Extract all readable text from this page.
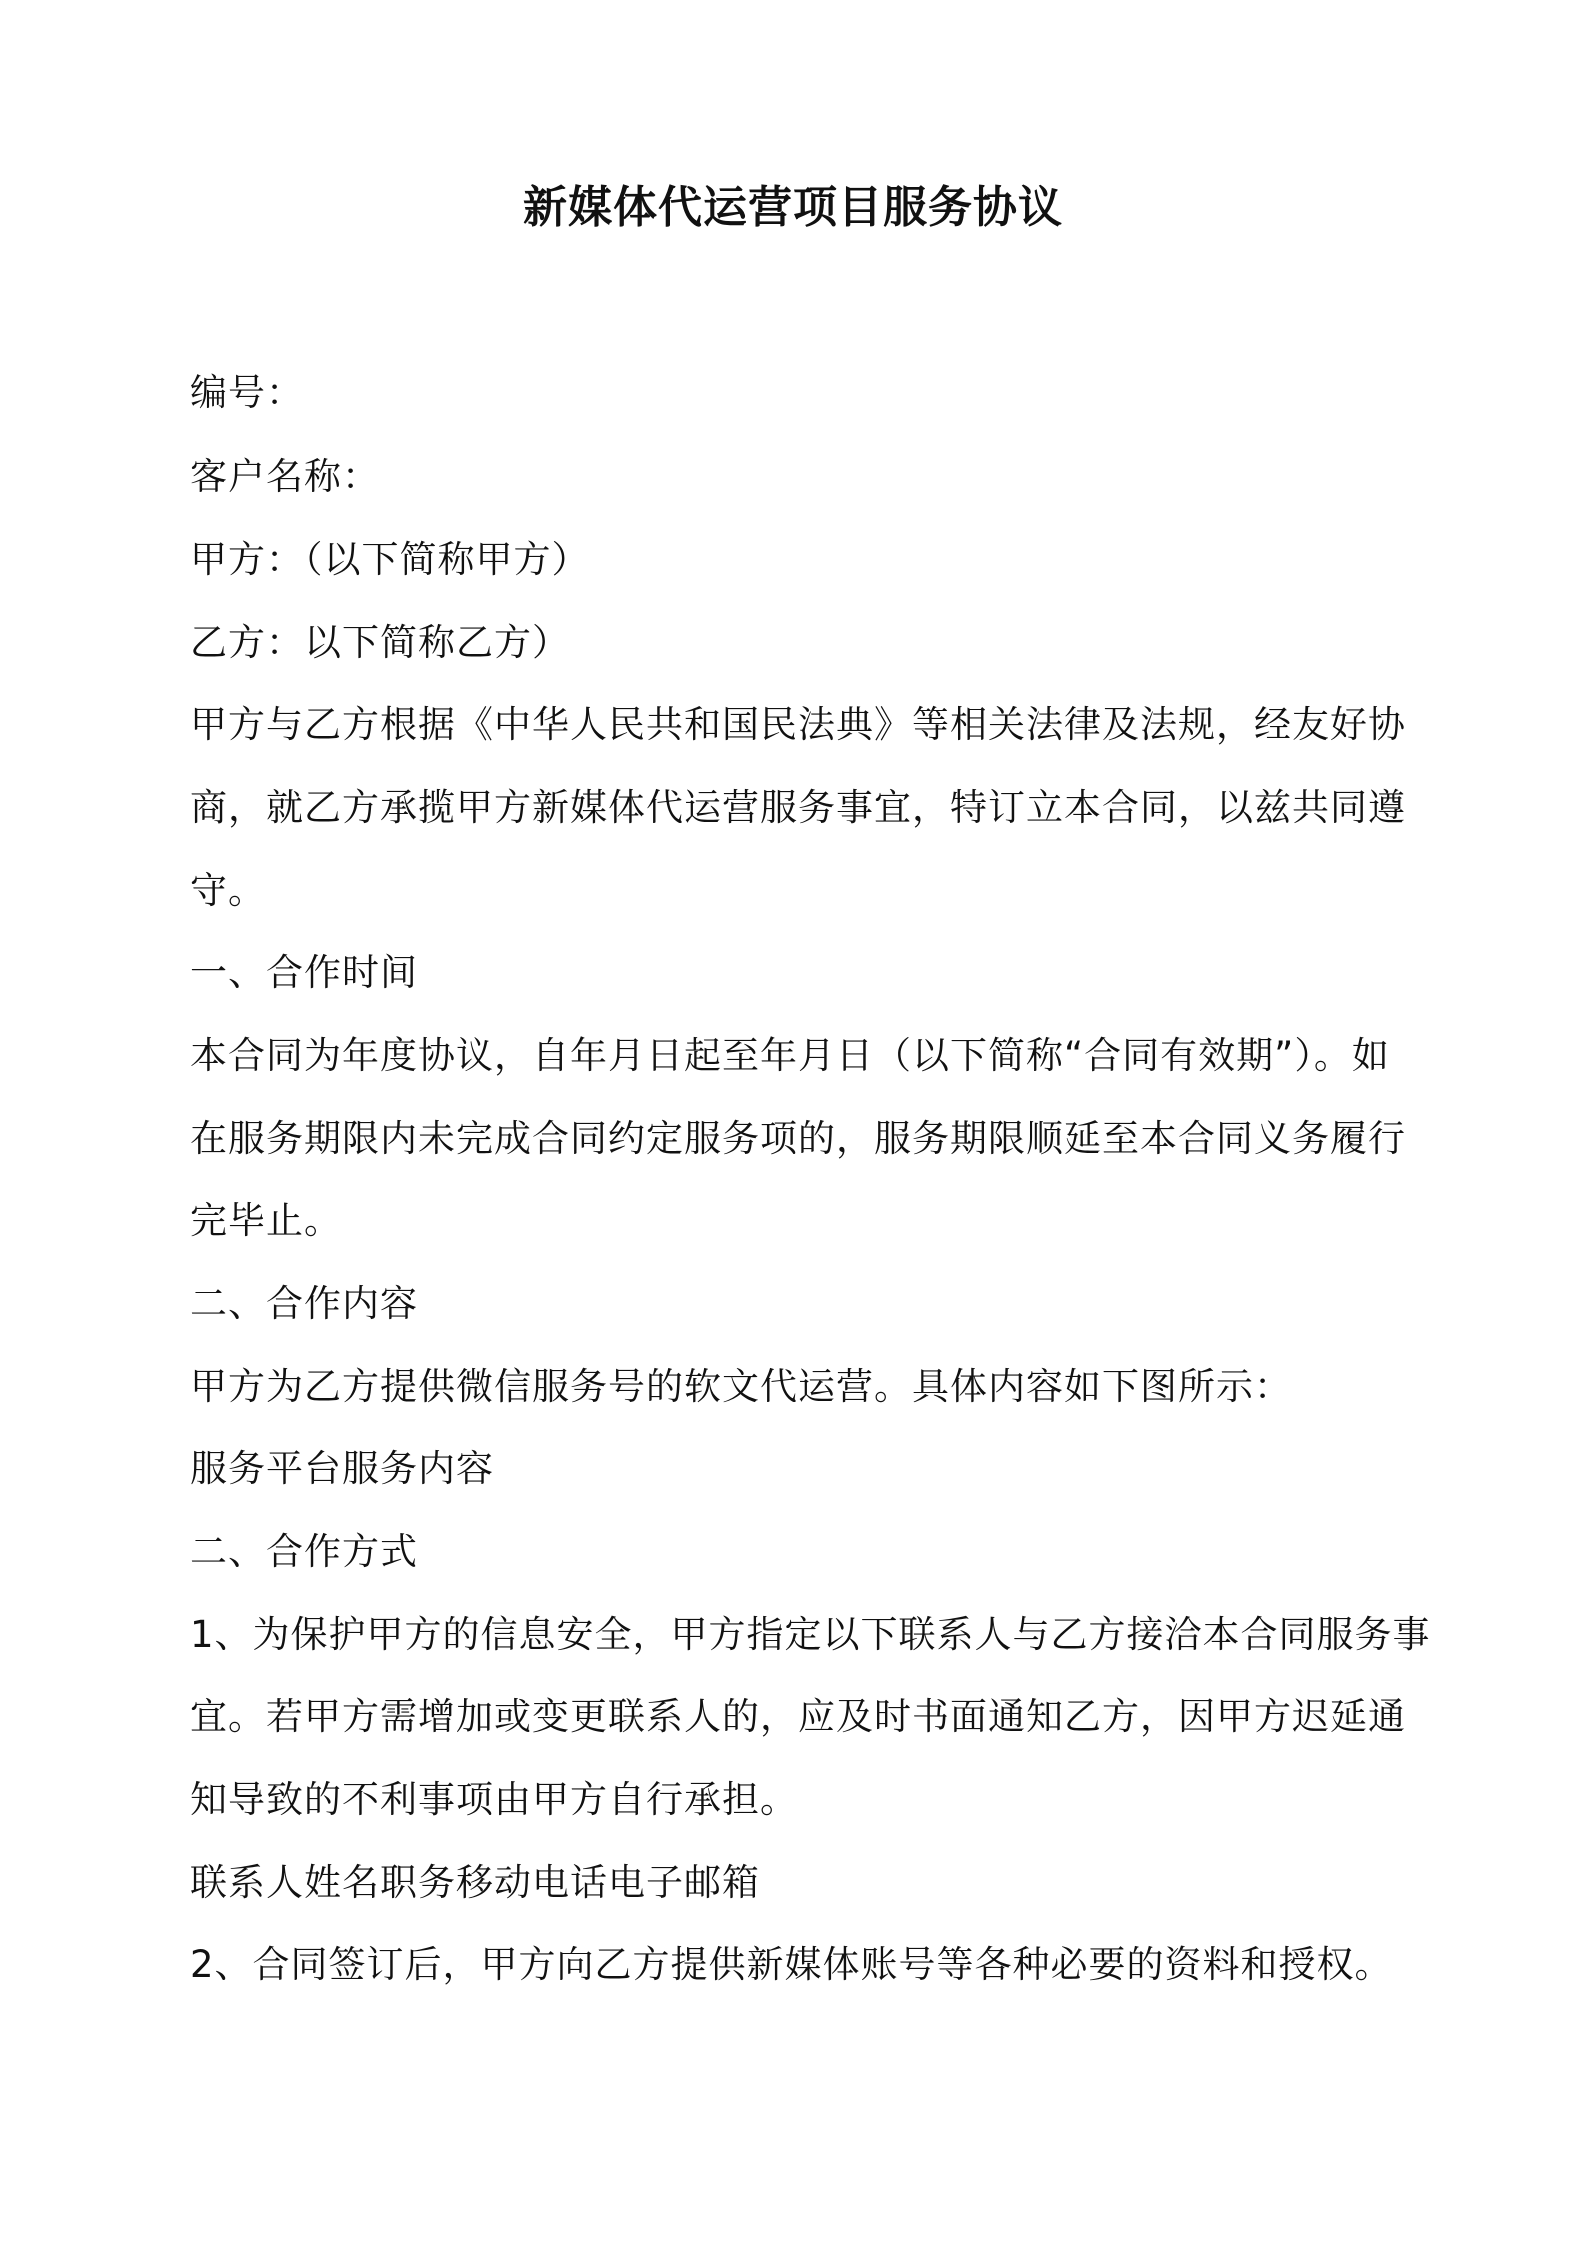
新媒体代运营项目服务协议
编号：
客户名称：
甲方：（以下简称甲方）
乙方：以下简称乙方）
甲方与乙方根据《中华人民共和国民法典》等相关法律及法规，经友好协
商，就乙方承揽甲方新媒体代运营服务事宜，特订立本合同，以兹共同遵
守。
一、合作时间
本合同为年度协议，自年月日起至年月日（以下简称“合同有效期”）。如
在服务期限内未完成合同约定服务项的，服务期限顺延至本合同义务履行
完毕止。
二、合作内容
甲方为乙方提供微信服务号的软文代运营。具体内容如下图所示：
服务平台服务内容
二、合作方式
1、为保护甲方的信息安全，甲方指定以下联系人与乙方接洽本合同服务事
宜。若甲方需增加或变更联系人的，应及时书面通知乙方，因甲方迟延通
知导致的不利事项由甲方自行承担。
联系人姓名职务移动电话电子邮箱
2、合同签订后，甲方向乙方提供新媒体账号等各种必要的资料和授权。
